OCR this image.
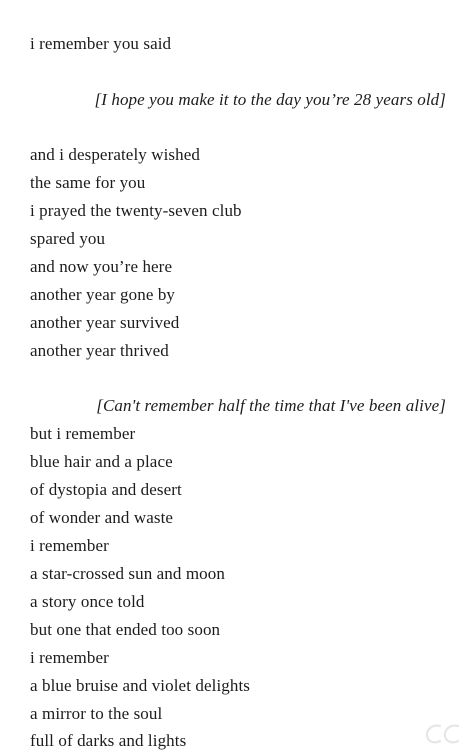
i remember you said
[I hope you make it to the day you’re 28 years old]
and i desperately wished
the same for you
i prayed the twenty-seven club
spared you
and now you’re here
another year gone by
another year survived
another year thrived
[Can't remember half the time that I've been alive]
but i remember
blue hair and a place
of dystopia and desert
of wonder and waste
i remember
a star-crossed sun and moon
a story once told
but one that ended too soon
i remember
a blue bruise and violet delights
a mirror to the soul
full of darks and lights
